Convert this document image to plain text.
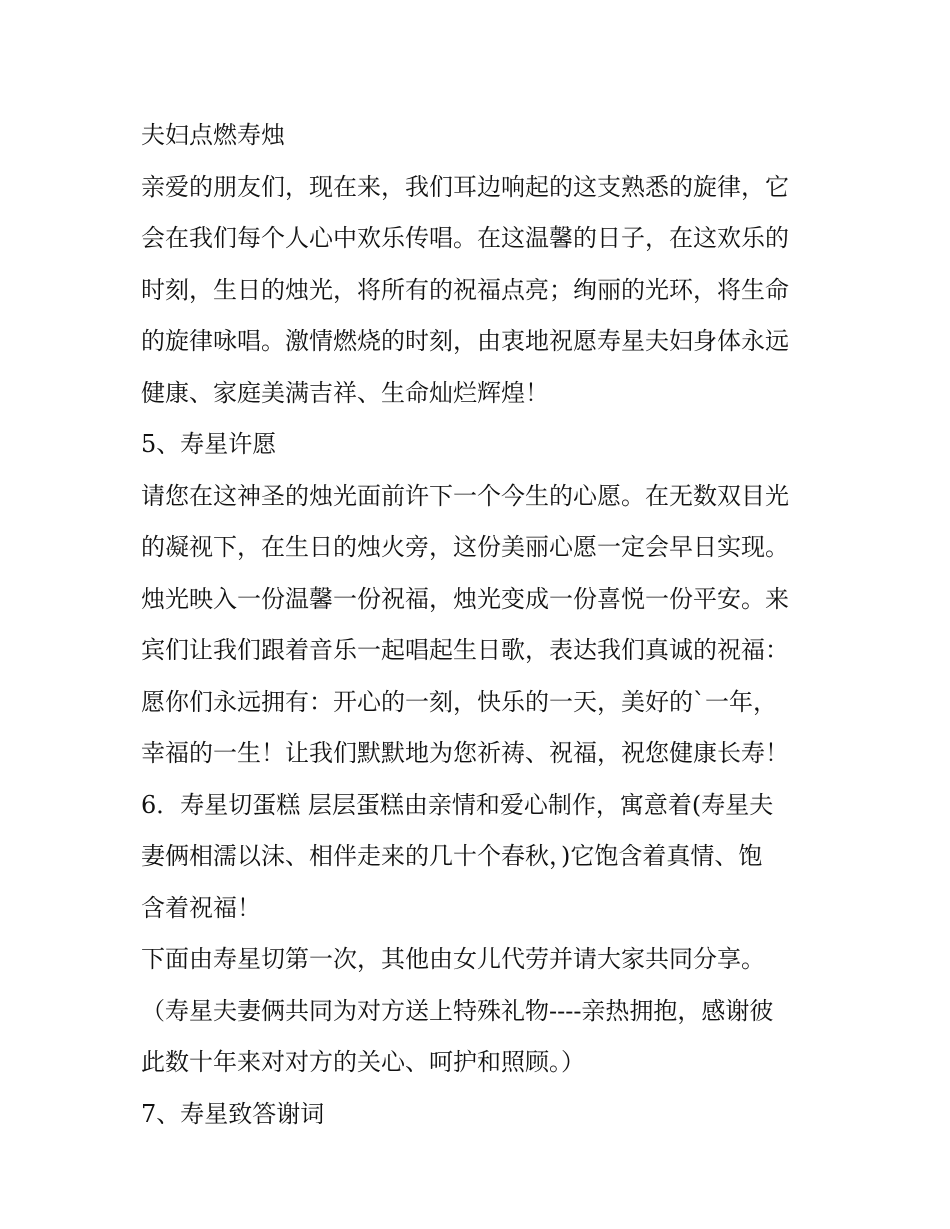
夫妇点燃寿烛
亲爱的朋友们，现在来，我们耳边响起的这支熟悉的旋律，它
会在我们每个人心中欢乐传唱。在这温馨的日子，在这欢乐的
时刻，生日的烛光，将所有的祝福点亮；绚丽的光环，将生命
的旋律咏唱。激情燃烧的时刻，由衷地祝愿寿星夫妇身体永远
健康、家庭美满吉祥、生命灿烂辉煌！
5、寿星许愿
请您在这神圣的烛光面前许下一个今生的心愿。在无数双目光
的凝视下，在生日的烛火旁，这份美丽心愿一定会早日实现。
烛光映入一份温馨一份祝福，烛光变成一份喜悦一份平安。来
宾们让我们跟着音乐一起唱起生日歌，表达我们真诚的祝福：
愿你们永远拥有：开心的一刻，快乐的一天，美好的`一年，
幸福的一生！让我们默默地为您祈祷、祝福，祝您健康长寿！
6．寿星切蛋糕 层层蛋糕由亲情和爱心制作，寓意着(寿星夫
妻俩相濡以沫、相伴走来的几十个春秋，)它饱含着真情、饱
含着祝福！
下面由寿星切第一次，其他由女儿代劳并请大家共同分享。
（寿星夫妻俩共同为对方送上特殊礼物----亲热拥抱，感谢彼
此数十年来对对方的关心、呵护和照顾。）
7、寿星致答谢词
